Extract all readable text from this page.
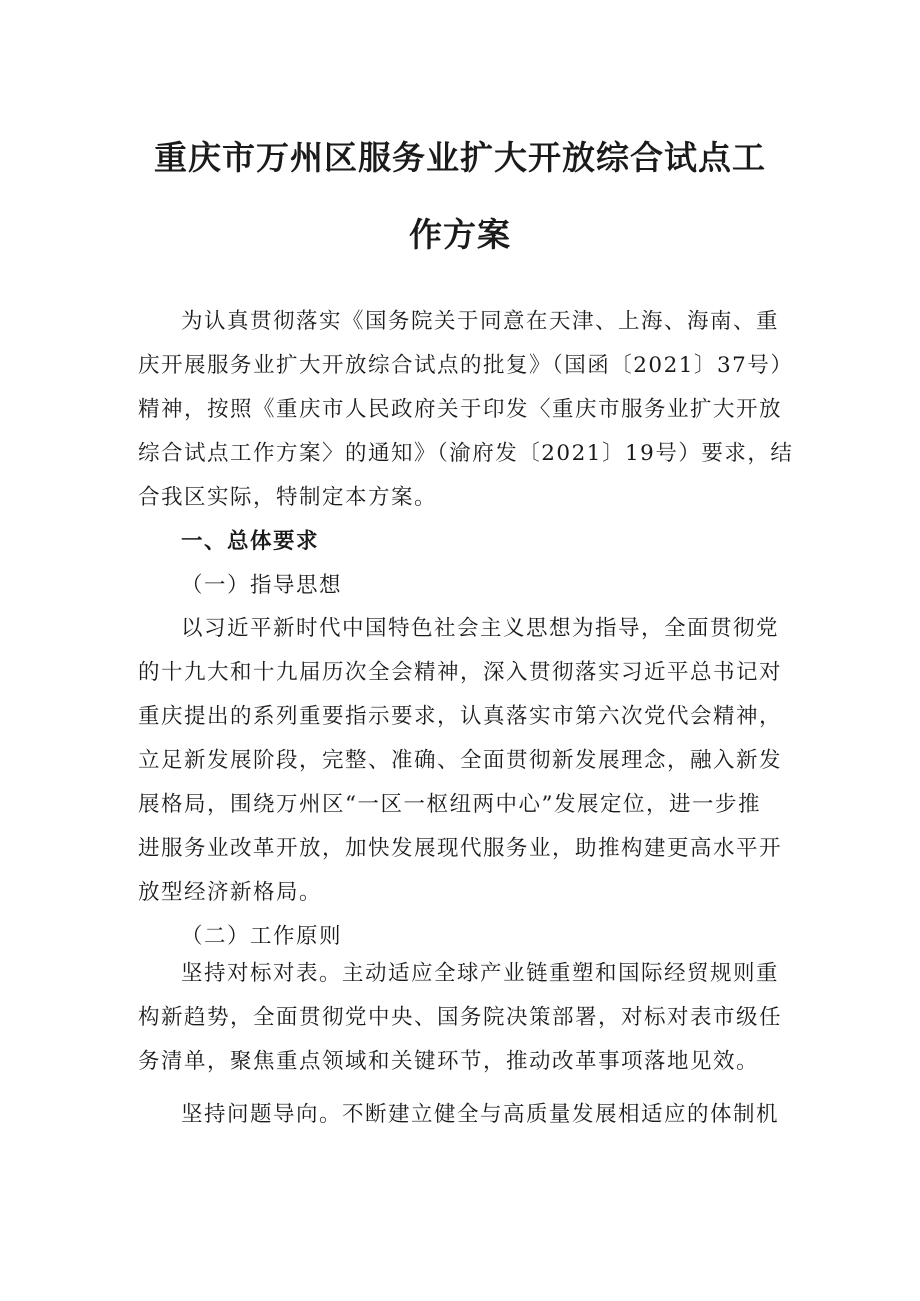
重庆市万州区服务业扩大开放综合试点工
作方案
为认真贯彻落实《国务院关于同意在天津、上海、海南、重
庆开展服务业扩大开放综合试点的批复》（国函〔2021〕37号）
精神，按照《重庆市人民政府关于印发〈重庆市服务业扩大开放
综合试点工作方案〉的通知》（渝府发〔2021〕19号）要求，结
合我区实际，特制定本方案。
一、总体要求
（一）指导思想
以习近平新时代中国特色社会主义思想为指导，全面贯彻党
的十九大和十九届历次全会精神，深入贯彻落实习近平总书记对
重庆提出的系列重要指示要求，认真落实市第六次党代会精神，
立足新发展阶段，完整、准确、全面贯彻新发展理念，融入新发
展格局，围绕万州区“一区一枢纽两中心”发展定位，进一步推
进服务业改革开放，加快发展现代服务业，助推构建更高水平开
放型经济新格局。
（二）工作原则
坚持对标对表。主动适应全球产业链重塑和国际经贸规则重
构新趋势，全面贯彻党中央、国务院决策部署，对标对表市级任
务清单，聚焦重点领域和关键环节，推动改革事项落地见效。
坚持问题导向。不断建立健全与高质量发展相适应的体制机
